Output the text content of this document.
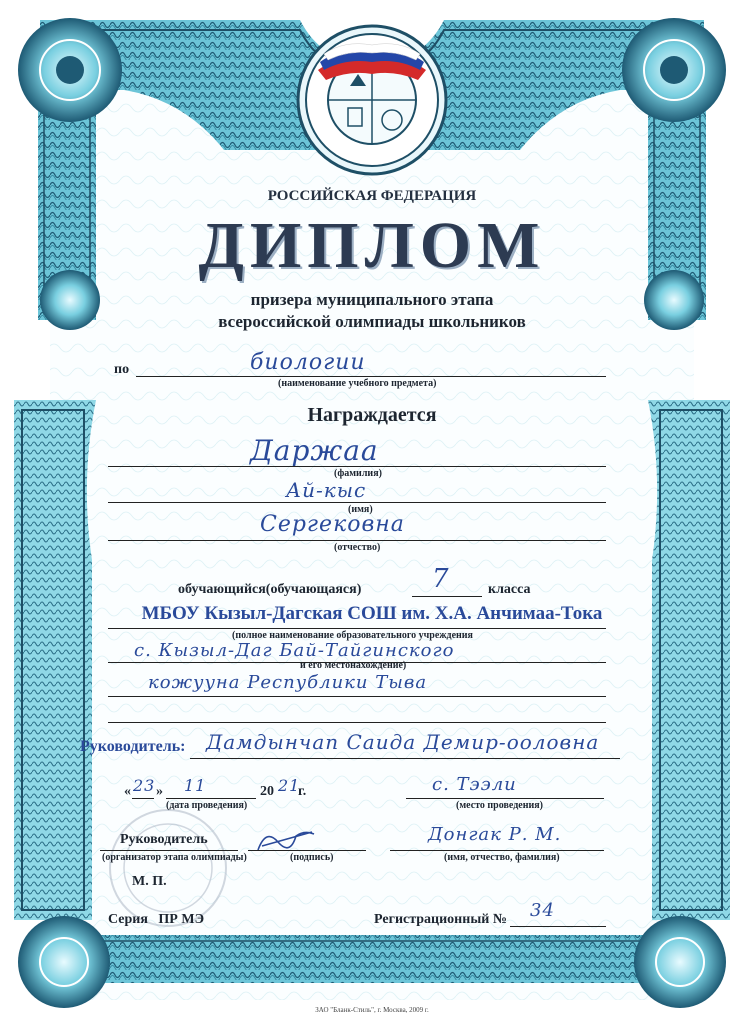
РОССИЙСКАЯ ФЕДЕРАЦИЯ
ДИПЛОМ
призера муниципального этапа
всероссийской олимпиады школьников
по	биологии
(наименование учебного предмета)
Награждается
Даржаа
(фамилия)
Ай-кыс
(имя)
Сергековна
(отчество)
обучающийся(обучающаяся)	7	класса
МБОУ Кызыл-Дагская СОШ им. Х.А. Анчимаа-Тока
(полное наименование образовательного учреждения
с. Кызыл-Даг Бай-Тайгинского
и его местонахождение)
кожууна Республики Тыва
Руководитель: Дамдынчап Саида Демир-ооловна
« 23 » 11	20 21
г.
(дата проведения)
с. Тээли
(место проведения)
Руководитель
(организатор этапа олимпиады)	(подпись)
Донгак Р. М.
(имя, отчество, фамилия)
М. П.
Серия   ПР МЭ	Регистрационный № 34
ЗАО "Бланк-Стиль", г. Москва, 2009 г.
